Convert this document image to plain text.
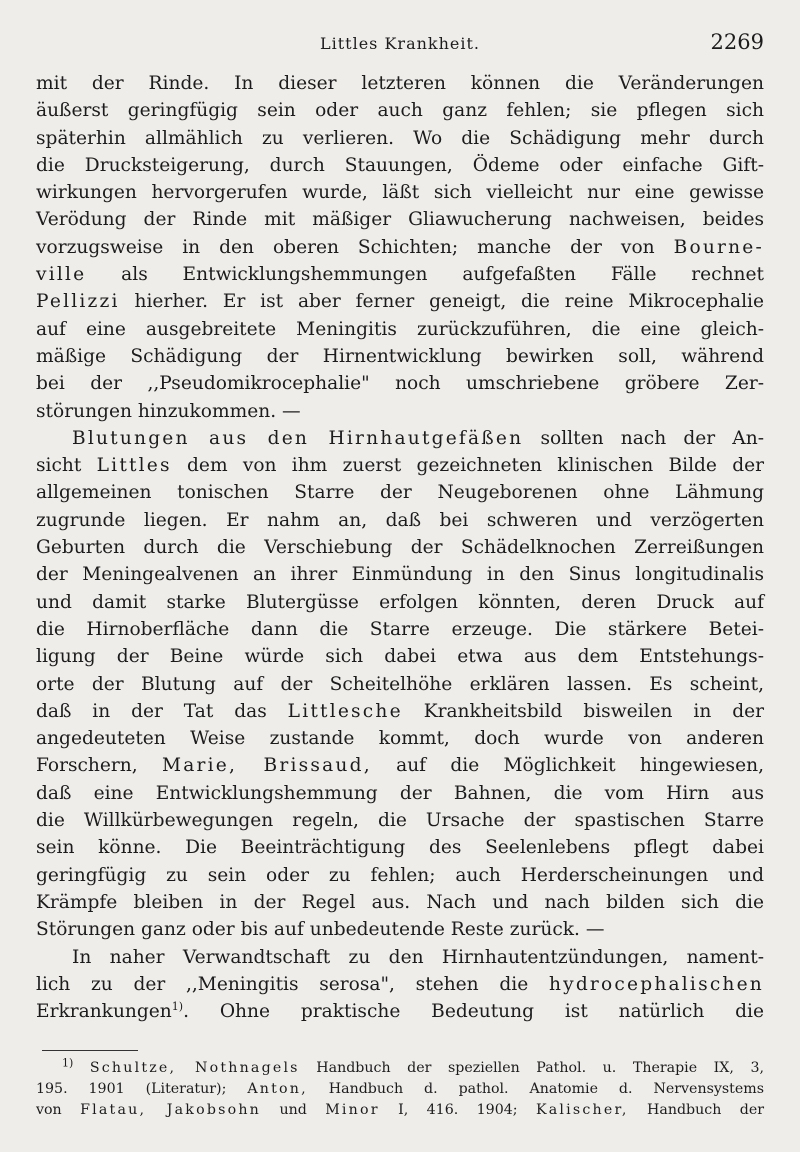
Littles Krankheit.	2269
mit der Rinde. In dieser letzteren können die Veränderungen
äußerst geringfügig sein oder auch ganz fehlen; sie pflegen sich
späterhin allmählich zu verlieren. Wo die Schädigung mehr durch
die Drucksteigerung, durch Stauungen, Ödeme oder einfache Gift-
wirkungen hervorgerufen wurde, läßt sich vielleicht nur eine gewisse
Verödung der Rinde mit mäßiger Gliawucherung nachweisen, beides
vorzugsweise in den oberen Schichten; manche der von Bourne-
ville als Entwicklungshemmungen aufgefaßten Fälle rechnet
Pellizzi hierher. Er ist aber ferner geneigt, die reine Mikrocephalie
auf eine ausgebreitete Meningitis zurückzuführen, die eine gleich-
mäßige Schädigung der Hirnentwicklung bewirken soll, während
bei der ,,Pseudomikrocephalie" noch umschriebene gröbere Zer-
störungen hinzukommen. —
Blutungen aus den Hirnhautgefäßen sollten nach der An-
sicht Littles dem von ihm zuerst gezeichneten klinischen Bilde der
allgemeinen tonischen Starre der Neugeborenen ohne Lähmung
zugrunde liegen. Er nahm an, daß bei schweren und verzögerten
Geburten durch die Verschiebung der Schädelknochen Zerreißungen
der Meningealvenen an ihrer Einmündung in den Sinus longitudinalis
und damit starke Blutergüsse erfolgen könnten, deren Druck auf
die Hirnoberfläche dann die Starre erzeuge. Die stärkere Betei-
ligung der Beine würde sich dabei etwa aus dem Entstehungs-
orte der Blutung auf der Scheitelhöhe erklären lassen. Es scheint,
daß in der Tat das Littlesche Krankheitsbild bisweilen in der
angedeuteten Weise zustande kommt, doch wurde von anderen
Forschern, Marie, Brissaud, auf die Möglichkeit hingewiesen,
daß eine Entwicklungshemmung der Bahnen, die vom Hirn aus
die Willkürbewegungen regeln, die Ursache der spastischen Starre
sein könne. Die Beeinträchtigung des Seelenlebens pflegt dabei
geringfügig zu sein oder zu fehlen; auch Herderscheinungen und
Krämpfe bleiben in der Regel aus. Nach und nach bilden sich die
Störungen ganz oder bis auf unbedeutende Reste zurück. —
In naher Verwandtschaft zu den Hirnhautentzündungen, nament-
lich zu der ,,Meningitis serosa", stehen die hydrocephalischen
Erkrankungen$^{1)}$. Ohne praktische Bedeutung ist natürlich die
$^{1)}$ Schultze, Nothnagels Handbuch der speziellen Pathol. u. Therapie IX, 3,
195. 1901 (Literatur); Anton, Handbuch d. pathol. Anatomie d. Nervensystems
von Flatau, Jakobsohn und Minor I, 416. 1904; Kalischer, Handbuch der
